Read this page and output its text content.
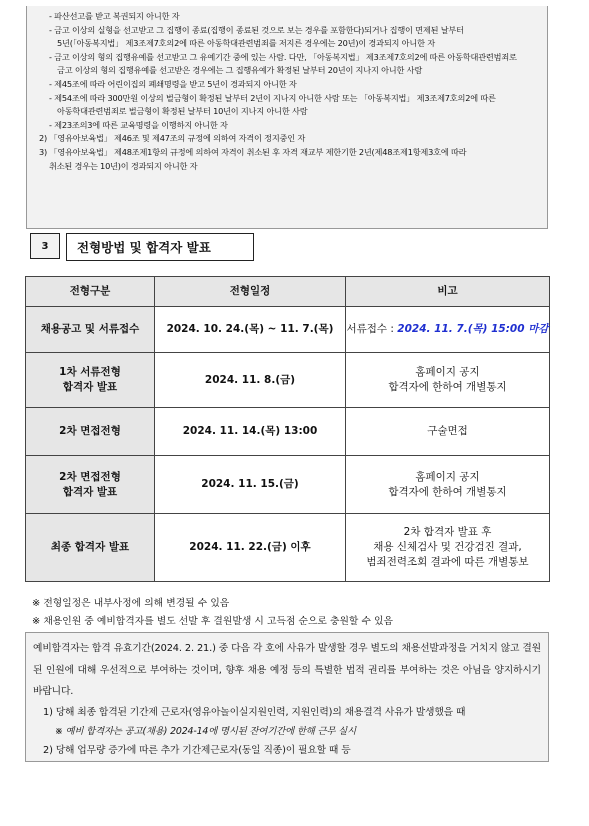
- 파산선고를 받고 복권되지 아니한 자
- 금고 이상의 실형을 선고받고 그 집행이 종료(집행이 종료된 것으로 보는 경우를 포함한다)되거나 집행이 면제된 날부터
5년(「아동복지법」 제3조제7호의2에 따른 아동학대관련범죄를 저지른 경우에는 20년)이 경과되지 아니한 자
- 금고 이상의 형의 집행유예를 선고받고 그 유예기간 중에 있는 사람. 다만, 「아동복지법」 제3조제7호의2에 따른 아동학대관련범죄로
금고 이상의 형의 집행유예를 선고받은 경우에는 그 집행유예가 확정된 날부터 20년이 지나지 아니한 사람
- 제45조에 따라 어린이집의 폐쇄명령을 받고 5년이 경과되지 아니한 자
- 제54조에 따라 300만원 이상의 벌금형이 확정된 날부터 2년이 지나지 아니한 사람 또는 「아동복지법」 제3조제7호의2에 따른
아동학대관련범죄로 벌금형이 확정된 날부터 10년이 지나지 아니한 사람
- 제23조의3에 따른 교육명령을 이행하지 아니한 자
2) 「영유아보육법」 제46조 및 제47조의 규정에 의하여 자격이 정지중인 자
3) 「영유아보육법」 제48조제1항의 규정에 의하여 자격이 취소된 후 자격 재교부 제한기한 2년(제48조제1항제3호에 따라
취소된 경우는 10년)이 경과되지 아니한 자
3	전형방법 및 합격자 발표
전형구분	전형일정	비고
채용공고 및 서류접수	2024. 10. 24.(목) ~ 11. 7.(목)	서류접수 : 2024. 11. 7.(목) 15:00 마감
1차 서류전형
합격자 발표	2024. 11. 8.(금)	홈페이지 공지
합격자에 한하여 개별통지
2차 면접전형	2024. 11. 14.(목) 13:00	구술면접
2차 면접전형
합격자 발표	2024. 11. 15.(금)	홈페이지 공지
합격자에 한하여 개별통지
최종 합격자 발표	2024. 11. 22.(금) 이후	2차 합격자 발표 후
채용 신체검사 및 건강검진 결과,
범죄전력조회 결과에 따른 개별통보
※ 전형일정은 내부사정에 의해 변경될 수 있음
※ 채용인원 중 예비합격자를 별도 선발 후 결원발생 시 고득점 순으로 충원할 수 있음

예비합격자는 합격 유효기간(2024. 2. 21.) 중 다음 각 호에 사유가 발생할 경우 별도의 채용선발과정을 거치지 않고 결원된 인원에 대해 우선적으로 부여하는 것이며, 향후 채용 예정 등의 특별한 법적 권리를 부여하는 것은 아님을 양지하시기 바랍니다.

1) 당해 최종 합격된 기간제 근로자(영유아놀이실지원인력, 지원인력)의 채용결격 사유가 발생했을 때

※ 예비 합격자는 공고(채용) 2024-14에 명시된 잔여기간에 한해 근무 실시

2) 당해 업무량 증가에 따른 추가 기간제근로자(동일 직종)이 필요할 때 등
